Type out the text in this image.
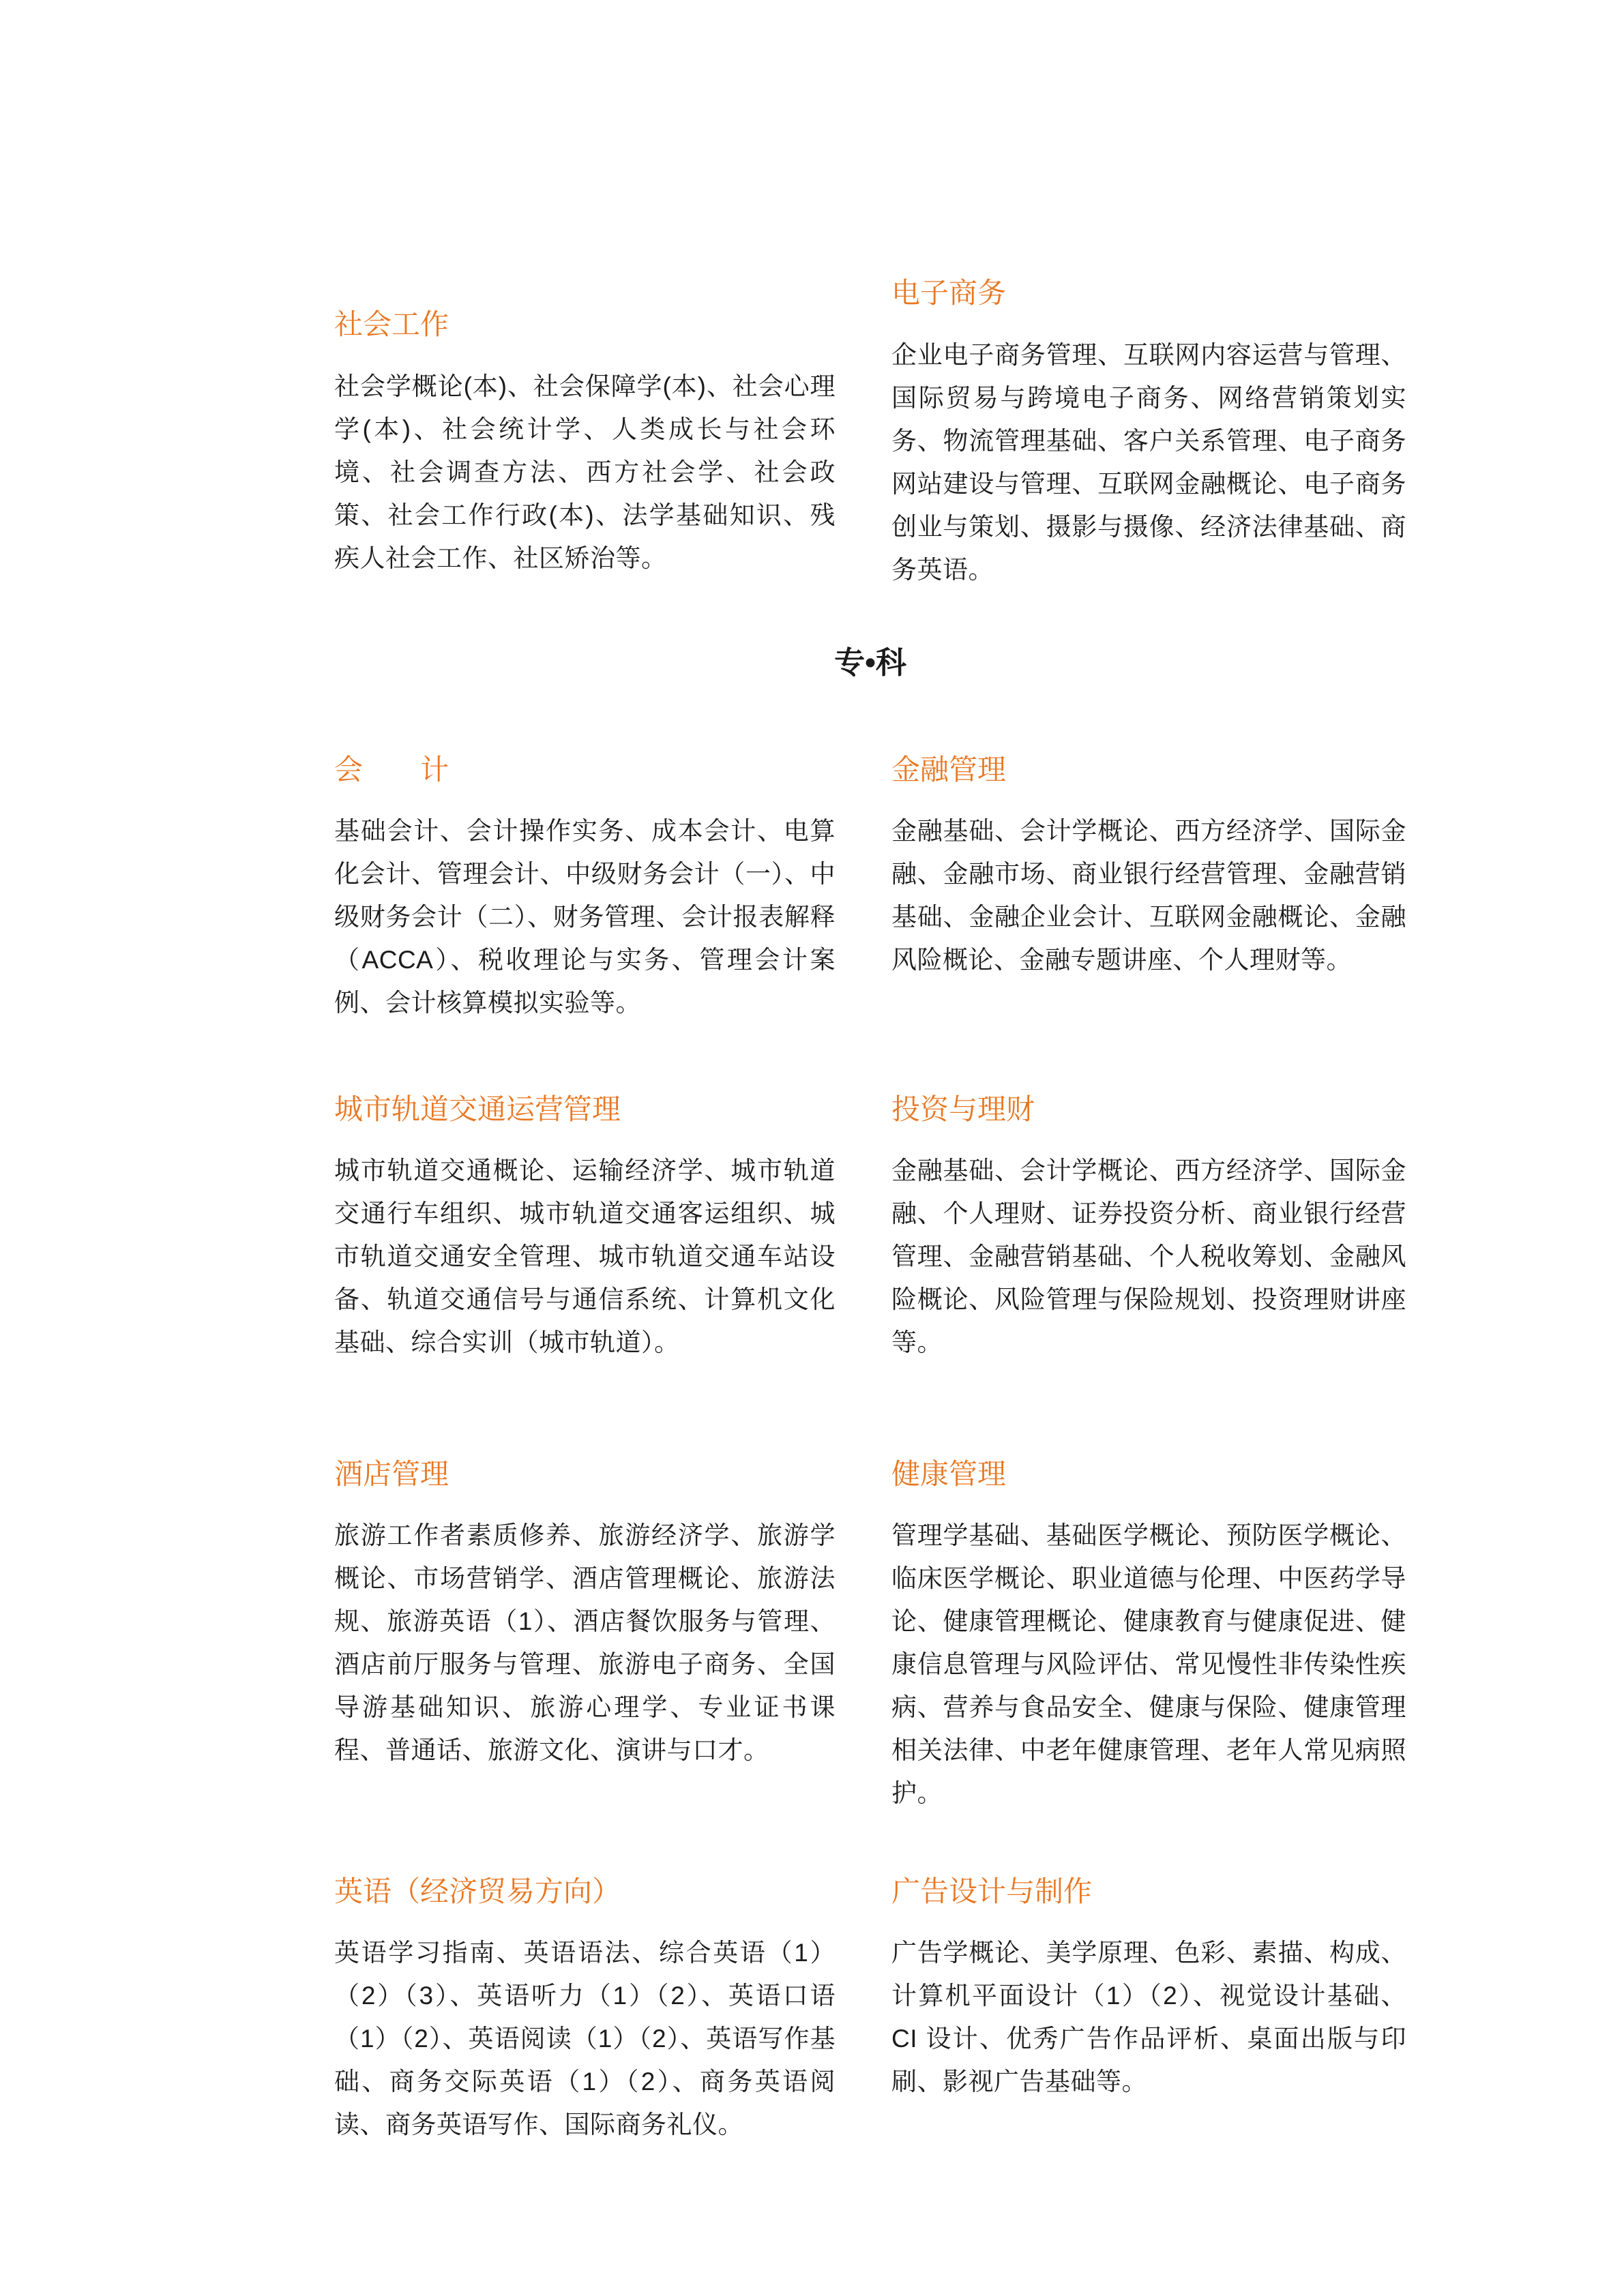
社会工作
社会学概论(本)、社会保障学(本)、社会心理学(本)、社会统计学、人类成长与社会环境、社会调查方法、西方社会学、社会政策、社会工作行政(本)、法学基础知识、残疾人社会工作、社区矫治等。
电子商务
企业电子商务管理、互联网内容运营与管理、国际贸易与跨境电子商务、网络营销策划实务、物流管理基础、客户关系管理、电子商务网站建设与管理、互联网金融概论、电子商务创业与策划、摄影与摄像、经济法律基础、商务英语。
专•科
会　　计
基础会计、会计操作实务、成本会计、电算化会计、管理会计、中级财务会计（一）、中级财务会计（二）、财务管理、会计报表解释（ACCA）、税收理论与实务、管理会计案例、会计核算模拟实验等。
金融管理
金融基础、会计学概论、西方经济学、国际金融、金融市场、商业银行经营管理、金融营销基础、金融企业会计、互联网金融概论、金融风险概论、金融专题讲座、个人理财等。
城市轨道交通运营管理
城市轨道交通概论、运输经济学、城市轨道交通行车组织、城市轨道交通客运组织、城市轨道交通安全管理、城市轨道交通车站设备、轨道交通信号与通信系统、计算机文化基础、综合实训（城市轨道）。
投资与理财
金融基础、会计学概论、西方经济学、国际金融、个人理财、证券投资分析、商业银行经营管理、金融营销基础、个人税收筹划、金融风险概论、风险管理与保险规划、投资理财讲座等。
酒店管理
旅游工作者素质修养、旅游经济学、旅游学概论、市场营销学、酒店管理概论、旅游法规、旅游英语（1）、酒店餐饮服务与管理、酒店前厅服务与管理、旅游电子商务、全国导游基础知识、旅游心理学、专业证书课程、普通话、旅游文化、演讲与口才。
健康管理
管理学基础、基础医学概论、预防医学概论、临床医学概论、职业道德与伦理、中医药学导论、健康管理概论、健康教育与健康促进、健康信息管理与风险评估、常见慢性非传染性疾病、营养与食品安全、健康与保险、健康管理相关法律、中老年健康管理、老年人常见病照护。
英语（经济贸易方向）
英语学习指南、英语语法、综合英语（1）（2）（3）、英语听力（1）（2）、英语口语（1）（2）、英语阅读（1）（2）、英语写作基础、商务交际英语（1）（2）、商务英语阅读、商务英语写作、国际商务礼仪。
广告设计与制作
广告学概论、美学原理、色彩、素描、构成、计算机平面设计（1）（2）、视觉设计基础、CI 设计、优秀广告作品评析、桌面出版与印刷、影视广告基础等。
